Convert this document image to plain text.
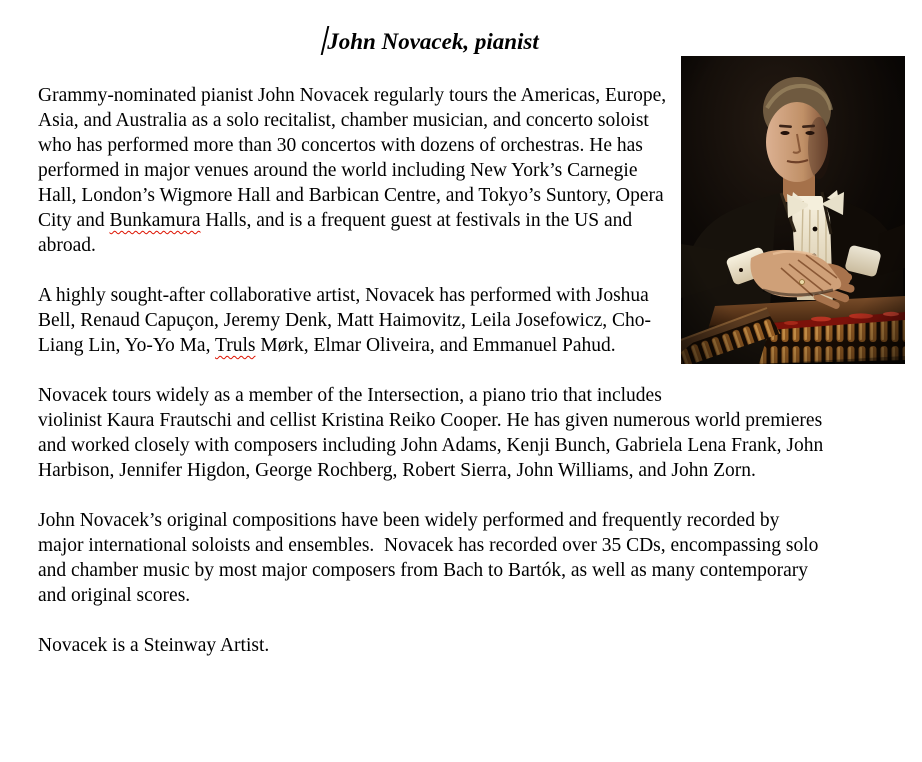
John Novacek, pianist

Grammy-nominated pianist John Novacek regularly tours the Americas, Europe, Asia, and Australia as a solo recitalist, chamber musician, and concerto soloist who has performed more than 30 concertos with dozens of orchestras. He has performed in major venues around the world including New York’s Carnegie Hall, London’s Wigmore Hall and Barbican Centre, and Tokyo’s Suntory, Opera City and Bunkamura Halls, and is a frequent guest at festivals in the US and abroad.

A highly sought-after collaborative artist, Novacek has performed with Joshua Bell, Renaud Capuçon, Jeremy Denk, Matt Haimovitz, Leila Josefowicz, Cho-Liang Lin, Yo-Yo Ma, Truls Mørk, Elmar Oliveira, and Emmanuel Pahud.

Novacek tours widely as a member of the Intersection, a piano trio that includes violinist Kaura Frautschi and cellist Kristina Reiko Cooper. He has given numerous world premieres and worked closely with composers including John Adams, Kenji Bunch, Gabriela Lena Frank, John Harbison, Jennifer Higdon, George Rochberg, Robert Sierra, John Williams, and John Zorn.

John Novacek’s original compositions have been widely performed and frequently recorded by major international soloists and ensembles.  Novacek has recorded over 35 CDs, encompassing solo and chamber music by most major composers from Bach to Bartók, as well as many contemporary and original scores.

Novacek is a Steinway Artist.
